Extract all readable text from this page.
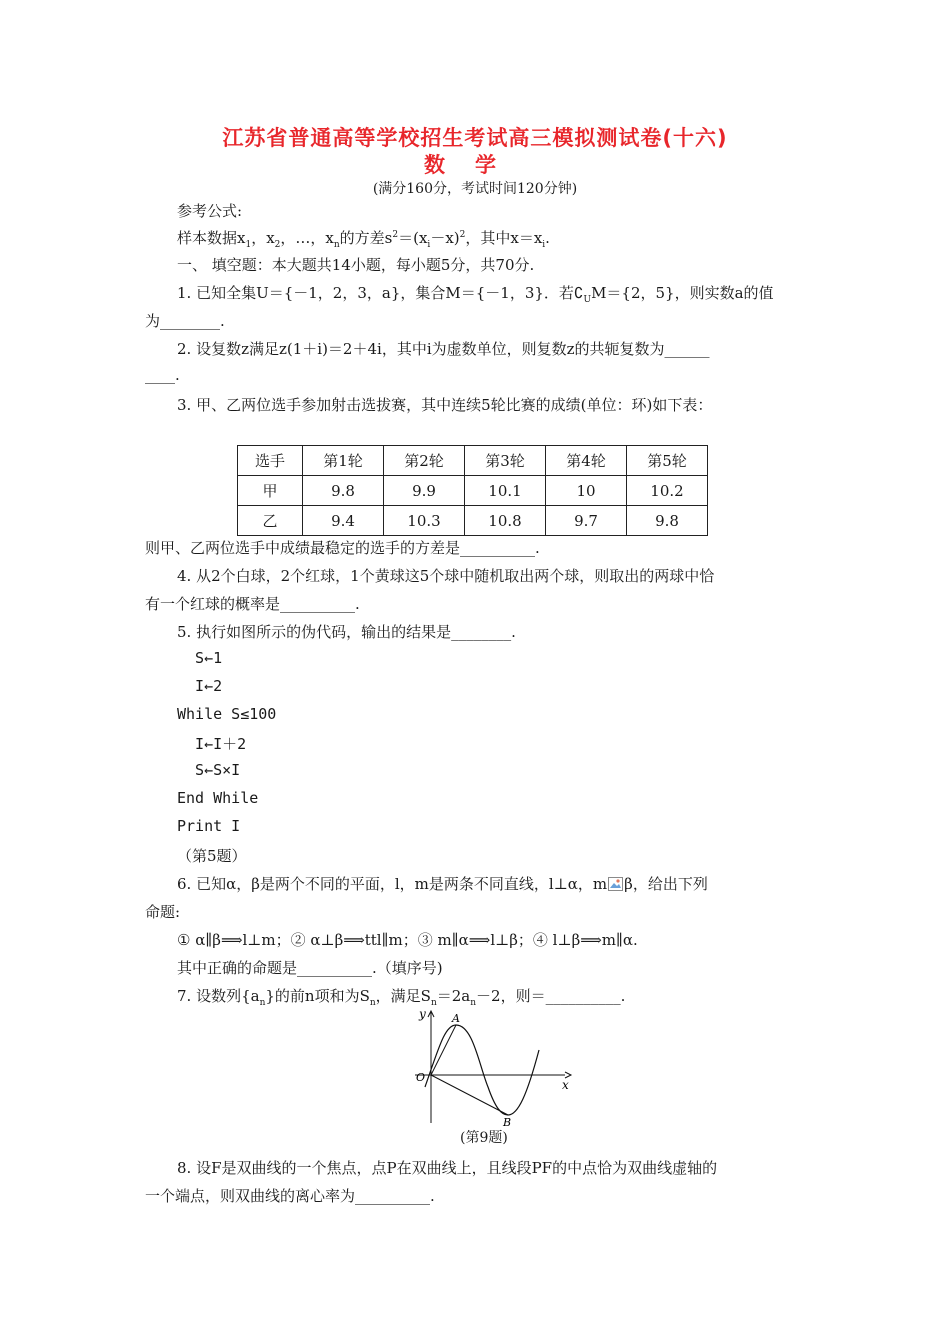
江苏省普通高等学校招生考试高三模拟测试卷(十六)
数学
(满分160分，考试时间120分钟)
参考公式:
样本数据$x_1$，$x_2$，…，$x_n$的方差$s^2=(x_i-x)^2$，其中$x=x_i$.
一、 填空题：本大题共14小题，每小题5分，共70分.
1. 已知全集U＝{－1，2，3，a}，集合M＝{－1，3}．若$∁_UM=\{2$，5}，则实数a的值
为________.
2. 设复数z满足z(1＋i)＝2＋4i，其中i为虚数单位，则复数z的共轭复数为______
____.
3. 甲、乙两位选手参加射击选拔赛，其中连续5轮比赛的成绩(单位：环)如下表：
选手	第1轮	第2轮	第3轮	第4轮	第5轮
甲	9.8	9.9	10.1	10	10.2
乙	9.4	10.3	10.8	9.7	9.8
则甲、乙两位选手中成绩最稳定的选手的方差是__________.
4. 从2个白球，2个红球，1个黄球这5个球中随机取出两个球，则取出的两球中恰
有一个红球的概率是__________.
5. 执行如图所示的伪代码，输出的结果是________.
S←1
I←2
While S≤100
I←I＋2
S←S×I
End While
Print I
（第5题）
6. 已知α，β是两个不同的平面，l，m是两条不同直线，l⊥α，m β，给出下列
命题:
① α∥β⟹l⊥m；② α⊥β⟹ttl∥m；③ m∥α⟹l⊥β；④ l⊥β⟹m∥α.
其中正确的命题是__________.（填序号)
7. 设数列$\{a_n\}$的前n项和为$S_n$，满足$S_n=2a_n-2$，则＝__________.
y
x
O
A
B
(第9题)
8. 设F是双曲线的一个焦点，点P在双曲线上，且线段PF的中点恰为双曲线虚轴的
一个端点，则双曲线的离心率为__________.
